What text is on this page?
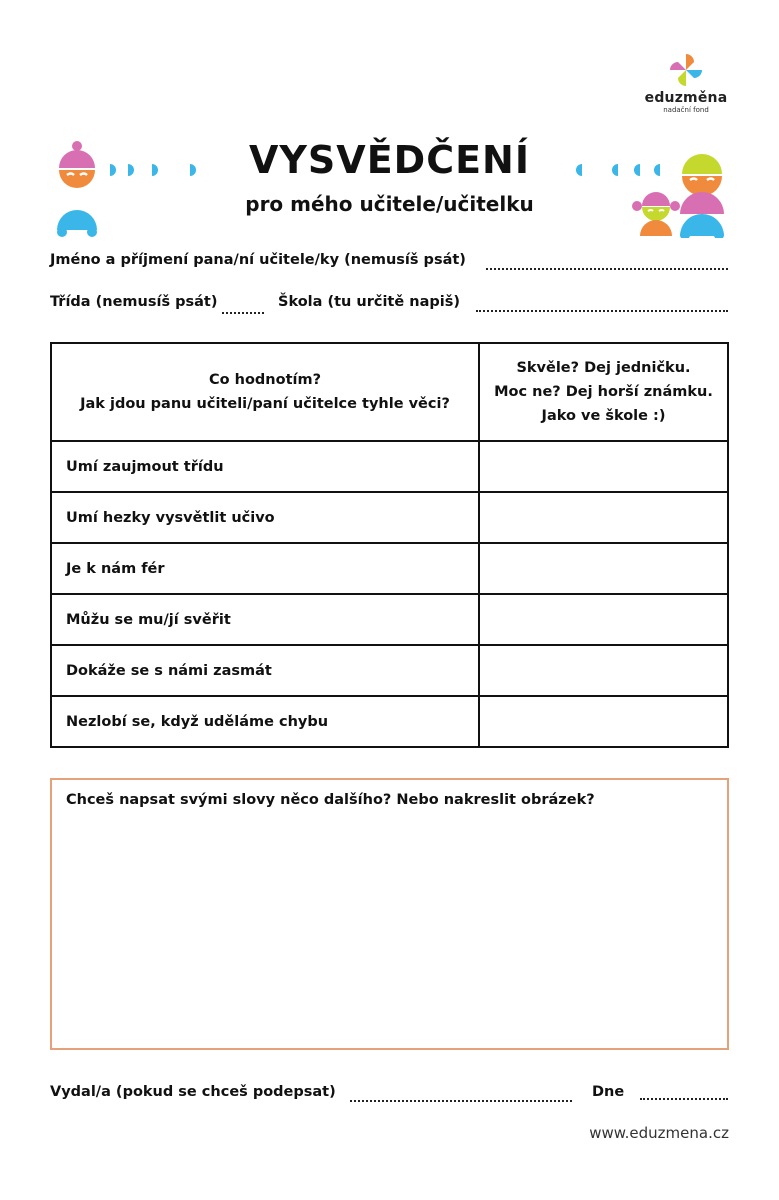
eduzměna
nadační fond
VYSVĚDČENÍ
pro mého učitele/učitelku
Jméno a příjmení pana/ní učitele/ky (nemusíš psát)
Třída (nemusíš psát)	Škola (tu určitě napiš)
Co hodnotím?
Jak jdou panu učiteli/paní učitelce tyhle věci?	Skvěle? Dej jedničku.
Moc ne? Dej horší známku.
Jako ve škole :)

Umí zaujmout třídu	
Umí hezky vysvětlit učivo	
Je k nám fér	
Můžu se mu/jí svěřit	
Dokáže se s námi zasmát	
Nezlobí se, když uděláme chybu	
Chceš napsat svými slovy něco dalšího? Nebo nakreslit obrázek?
Vydal/a (pokud se chceš podepsat)	Dne
www.eduzmena.cz
